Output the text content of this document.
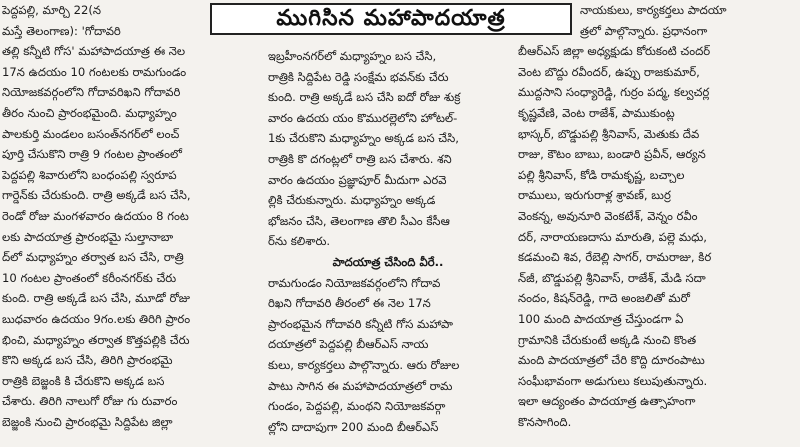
ముగిసిన మహాపాదయాత్ర
పెద్దపల్లి, మార్చి 22(న
మస్తే తెలంగాణ): 'గోదావరి
తల్లి కన్నీటి గోస' మహాపాదయాత్ర ఈ నెల
17న ఉదయం 10 గంటలకు రామగుండం
నియోజకవర్గంలోని గోదావరిఖని గోదావరి
తీరం నుంచి ప్రారంభమైంది. మధ్యాహ్నం
పాలకుర్తి మండలం బసంత్‌నగర్‌లో లంచ్
పూర్తి చేసుకొని రాత్రి 9 గంటల ప్రాంతంలో
పెద్దపల్లి శివారులోని బంధంపల్లి స్వరూప
గార్డెన్‌కు చేరుకుంది. రాత్రి అక్కడే బస చేసి,
రెండో రోజు మంగళవారం ఉదయం 8 గంట
లకు పాదయాత్ర ప్రారంభమై సుల్తానాబా
ద్‌లో మధ్యాహ్నం తర్వాత బస చేసి, రాత్రి
10 గంటల ప్రాంతంలో కరీంనగర్‌కు చేరు
కుంది. రాత్రి అక్కడే బస చేసి, మూడో రోజు
బుధవారం ఉదయం 9గం.లకు తిరిగి ప్రారం
భించి, మధ్యాహ్నం తర్వాత కొత్తపల్లికి చేరు
కొని అక్కడ బస చేసి, తిరిగి ప్రారంభమై
రాత్రికి బెజ్జంకి కి చేరుకొని అక్కడ బస
చేశారు. తిరిగి నాలుగో రోజు గు రువారం
బెజ్జంకి నుంచి ప్రారంభమై సిద్దిపేట జిల్లా
ఇబ్రహీంనగర్‌లో మధ్యాహ్నం బస చేసి,
రాత్రికి సిద్దిపేట రెడ్డి సంక్షేమ భవన్‌కు చేరు
కుంది. రాత్రి అక్కడే బస చేసి ఐదో రోజు శుక్ర
వారం ఉదయ యం కొముర‌ల్లెలోని హోటల్-
1కు చేరుకొని మధ్యాహ్నం అక్కడ బస చేసి,
రాత్రికి కొ దగంట్లలో రాత్రి బస చేశారు. శని
వారం ఉదయం ప్రజ్ఞాపూర్ మీదుగా ఎరవె
ల్లికి చేరుకున్నారు. మధ్యాహ్నం అక్కడ
భోజనం చేసి, తెలంగాణ తొలి సీఎం కేసీఆ
ర్‌ను కలిశారు.
పాదయాత్ర చేసింది వీరే..
రామగుండం నియోజకవర్గంలోని గోదావ
రిఖని గోదావరి తీరంలో ఈ నెల 17న
ప్రారంభమైన గోదావరి కన్నీటి గోస మహాపా
దయాత్రలో పెద్దపల్లి బీఆర్‌ఎస్ నాయ
కులు, కార్యకర్తలు పాల్గొన్నారు. ఆరు రోజుల
పాటు సాగిన ఈ మహాపాదయాత్రలో రామ
గుండం, పెద్దపల్లి, మంథని నియోజకవర్గా
ల్లోని దాదాపుగా 200 మంది బీఆర్‌ఎస్
నాయకులు, కార్యకర్తలు పాదయా
త్రలో పాల్గొన్నారు. ప్రధానంగా
బీఆర్‌ఎస్ జిల్లా అధ్యక్షుడు కోరుకంటి చందర్
వెంట బొద్దు రవీందర్, ఉప్పు రాజకుమార్,
ముద్దసాని సంధ్యారెడ్డి, గుర్రం పద్మ, కల్వచర్ల
కృష్ణవేణి, వెంట రాజేశ్, పాముకుంట్ల
భాస్కర్, బొడ్డుపల్లి శ్రీనివాస్, మెతుకు దేవ
రాజు, కౌటం బాబు, బండారి ప్రవీన్, ఆర్యన
పల్లి శ్రీనివాస్, కోడి రామకృష్ణ, బచ్చాల
రాములు, ఇరుగురాళ్ల శ్రావణ్, బుర్ర
వెంకన్న, అవునూరి వెంకటేశ్, వెన్నం రవీం
దర్, నారాయణదాసు మారుతి, పల్లె మధు,
కడమంచి శివ, రేబెల్లి సాగర్, రామరాజు, కిర
న్‌జీ, బొడ్డుపల్లి శ్రీనివాస్, రాజేశ్, మేడి సదా
నందం, కిషన్‌రెడ్డి, గాదె అంజలితో మరో
100 మంది పాదయాత్ర చేస్తుండగా ఏ
గ్రామానికి చేరుకుంటే అక్కడి నుంచి కొంత
మంది పాదయాత్రలో చేరి కొద్ది దూరంపాటు
సంఘీభావంగా అడుగులు కలుపుతున్నారు.
ఇలా ఆద్యంతం పాదయాత్ర ఉత్సాహంగా
కొనసాగింది.
